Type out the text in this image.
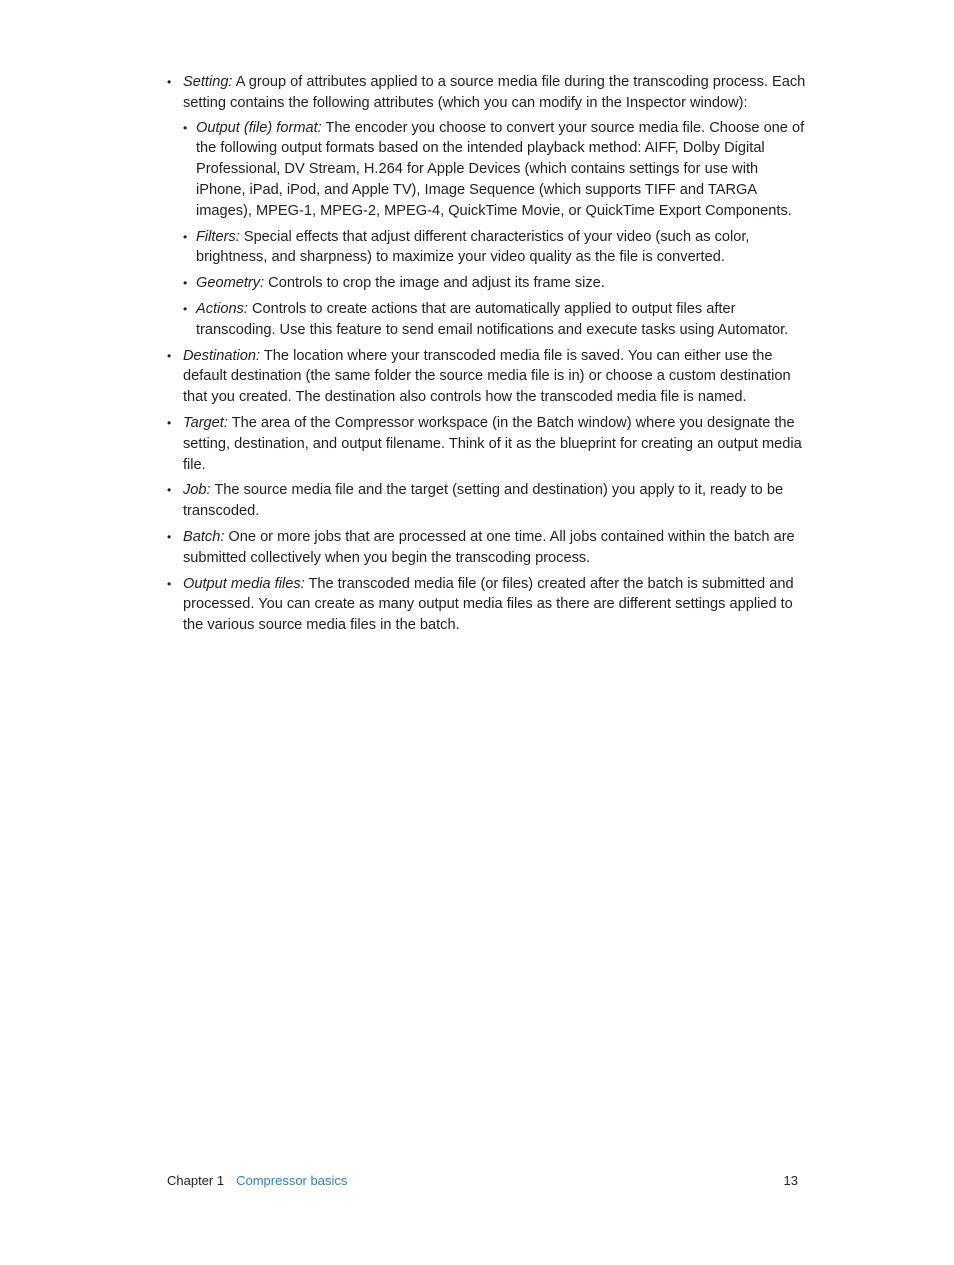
• Setting: A group of attributes applied to a source media file during the transcoding process. Each setting contains the following attributes (which you can modify in the Inspector window):
• Output (file) format: The encoder you choose to convert your source media file. Choose one of the following output formats based on the intended playback method: AIFF, Dolby Digital Professional, DV Stream, H.264 for Apple Devices (which contains settings for use with iPhone, iPad, iPod, and Apple TV), Image Sequence (which supports TIFF and TARGA images), MPEG-1, MPEG-2, MPEG-4, QuickTime Movie, or QuickTime Export Components.
• Filters: Special effects that adjust different characteristics of your video (such as color, brightness, and sharpness) to maximize your video quality as the file is converted.
• Geometry: Controls to crop the image and adjust its frame size.
• Actions: Controls to create actions that are automatically applied to output files after transcoding. Use this feature to send email notifications and execute tasks using Automator.
• Destination: The location where your transcoded media file is saved. You can either use the default destination (the same folder the source media file is in) or choose a custom destination that you created. The destination also controls how the transcoded media file is named.
• Target: The area of the Compressor workspace (in the Batch window) where you designate the setting, destination, and output filename. Think of it as the blueprint for creating an output media file.
• Job: The source media file and the target (setting and destination) you apply to it, ready to be transcoded.
• Batch: One or more jobs that are processed at one time. All jobs contained within the batch are submitted collectively when you begin the transcoding process.
• Output media files: The transcoded media file (or files) created after the batch is submitted and processed. You can create as many output media files as there are different settings applied to the various source media files in the batch.
Chapter 1 Compressor basics	13
